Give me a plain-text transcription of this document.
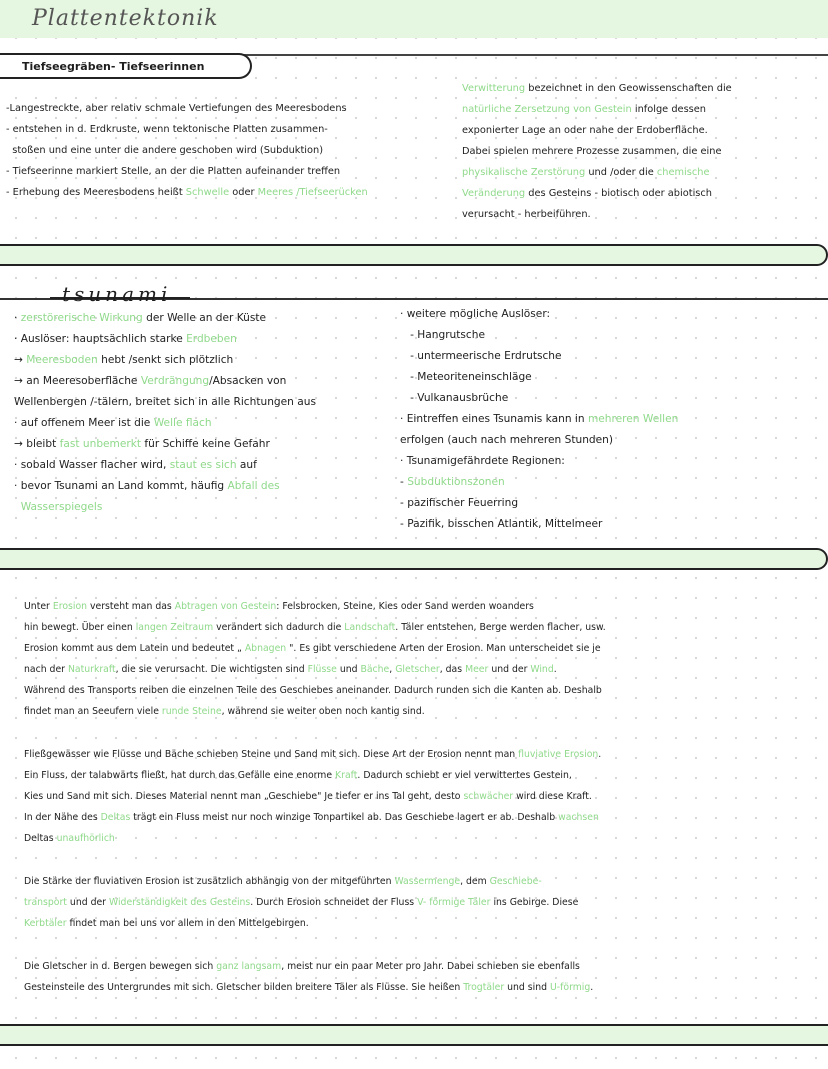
Plattentektonik
Tiefseegräben- Tiefseerinnen
-Langestreckte, aber relativ schmale Vertiefungen des Meeresbodens
- entstehen in d. Erdkruste, wenn tektonische Platten zusammen-
stoßen und eine unter die andere geschoben wird (Subduktion)
- Tiefseerinne markiert Stelle, an der die Platten aufeinander treffen
- Erhebung des Meeresbodens heißt Schwelle oder Meeres /Tiefseerücken
Verwitterung bezeichnet in den Geowissenschaften die
natürliche Zersetzung von Gestein infolge dessen
exponierter Lage an oder nahe der Erdoberfläche.
Dabei spielen mehrere Prozesse zusammen, die eine
physikalische Zerstörung und /oder die chemische
Veränderung des Gesteins - biotisch oder abiotisch
verursacht - herbeiführen.
tsunami
· zerstörerische Wirkung der Welle an der Küste
· Auslöser: hauptsächlich starke Erdbeben
→ Meeresboden hebt /senkt sich plötzlich
→ an Meeresoberfläche Verdrängung/Absacken von
Wellenbergen /-tälern, breitet sich in alle Richtungen aus
· auf offenem Meer ist die Welle flach
→ bleibt fast unbemerkt für Schiffe keine Gefahr
· sobald Wasser flacher wird, staut es sich auf
· bevor Tsunami an Land kommt, häufig Abfall des
Wasserspiegels
· weitere mögliche Auslöser:
- Hangrutsche
- untermeerische Erdrutsche
- Meteoriteneinschläge
- Vulkanausbrüche
· Eintreffen eines Tsunamis kann in mehreren Wellen
erfolgen (auch nach mehreren Stunden)
· Tsunamigefährdete Regionen:
- Subduktionszonen
- pazifischer Feuerring
- Pazifik, bisschen Atlantik, Mittelmeer
Unter Erosion versteht man das Abtragen von Gestein: Felsbrocken, Steine, Kies oder Sand werden woanders
hin bewegt. Über einen langen Zeitraum verändert sich dadurch die Landschaft. Täler entstehen, Berge werden flacher, usw.
Erosion kommt aus dem Latein und bedeutet „ Abnagen ". Es gibt verschiedene Arten der Erosion. Man unterscheidet sie je
nach der Naturkraft, die sie verursacht. Die wichtigsten sind Flüsse und Bäche, Gletscher, das Meer und der Wind.
Während des Transports reiben die einzelnen Teile des Geschiebes aneinander. Dadurch runden sich die Kanten ab. Deshalb
findet man an Seeufern viele runde Steine, während sie weiter oben noch kantig sind.
Fließgewässer wie Flüsse und Bäche schieben Steine und Sand mit sich. Diese Art der Erosion nennt man fluviative Erosion.
Ein Fluss, der talabwärts fließt, hat durch das Gefälle eine enorme Kraft. Dadurch schiebt er viel verwittertes Gestein,
Kies und Sand mit sich. Dieses Material nennt man „Geschiebe" Je tiefer er ins Tal geht, desto schwächer wird diese Kraft.
In der Nähe des Deltas trägt ein Fluss meist nur noch winzige Tonpartikel ab. Das Geschiebe lagert er ab. Deshalb wachsen
Deltas unaufhörlich
Die Stärke der fluviativen Erosion ist zusätzlich abhängig von der mitgeführten Wassermenge, dem Geschiebe-
transport und der Widerständigkeit des Gesteins. Durch Erosion schneidet der Fluss V- förmige Täler ins Gebirge. Diese
Kerbtäler findet man bei uns vor allem in den Mittelgebirgen.
Die Gletscher in d. Bergen bewegen sich ganz langsam, meist nur ein paar Meter pro Jahr. Dabei schieben sie ebenfalls
Gesteinsteile des Untergrundes mit sich. Gletscher bilden breitere Täler als Flüsse. Sie heißen Trogtäler und sind U-förmig.
